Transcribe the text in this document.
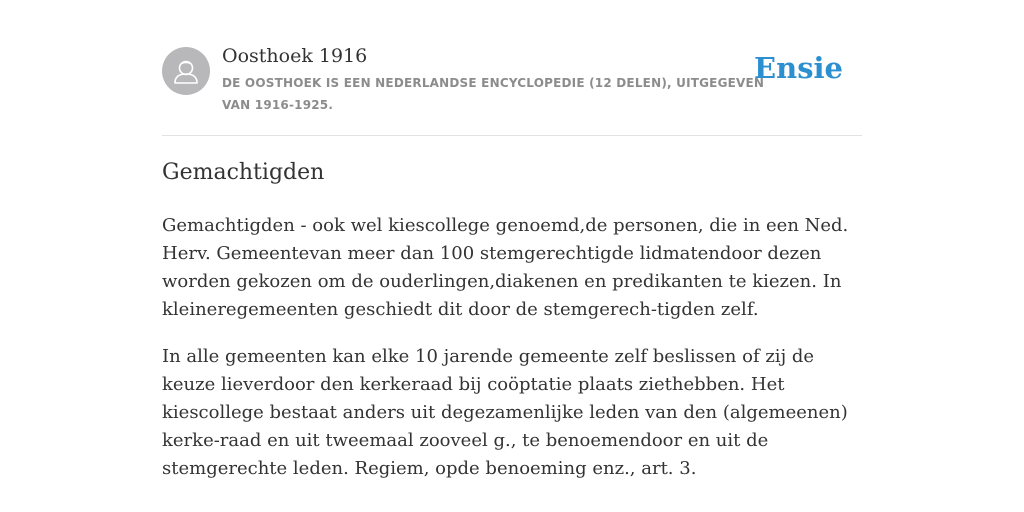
Oosthoek 1916
DE OOSTHOEK IS EEN NEDERLANDSE ENCYCLOPEDIE (12 DELEN), UITGEGEVEN VAN 1916-1925.
Ensie
Gemachtigden

Gemachtigden - ook wel kiescollege genoemd,de personen, die in een Ned. Herv. Gemeentevan meer dan 100 stemgerechtigde lidmatendoor dezen worden gekozen om de ouderlingen,diakenen en predikanten te kiezen. In kleineregemeenten geschiedt dit door de stemgerech-tigden zelf.

In alle gemeenten kan elke 10 jarende gemeente zelf beslissen of zij de keuze lieverdoor den kerkeraad bij coöptatie plaats ziethebben. Het kiescollege bestaat anders uit degezamenlijke leden van den (algemeenen) kerke-raad en uit tweemaal zooveel g., te benoemendoor en uit de stemgerechte leden. Regiem, opde benoeming enz., art. 3.
